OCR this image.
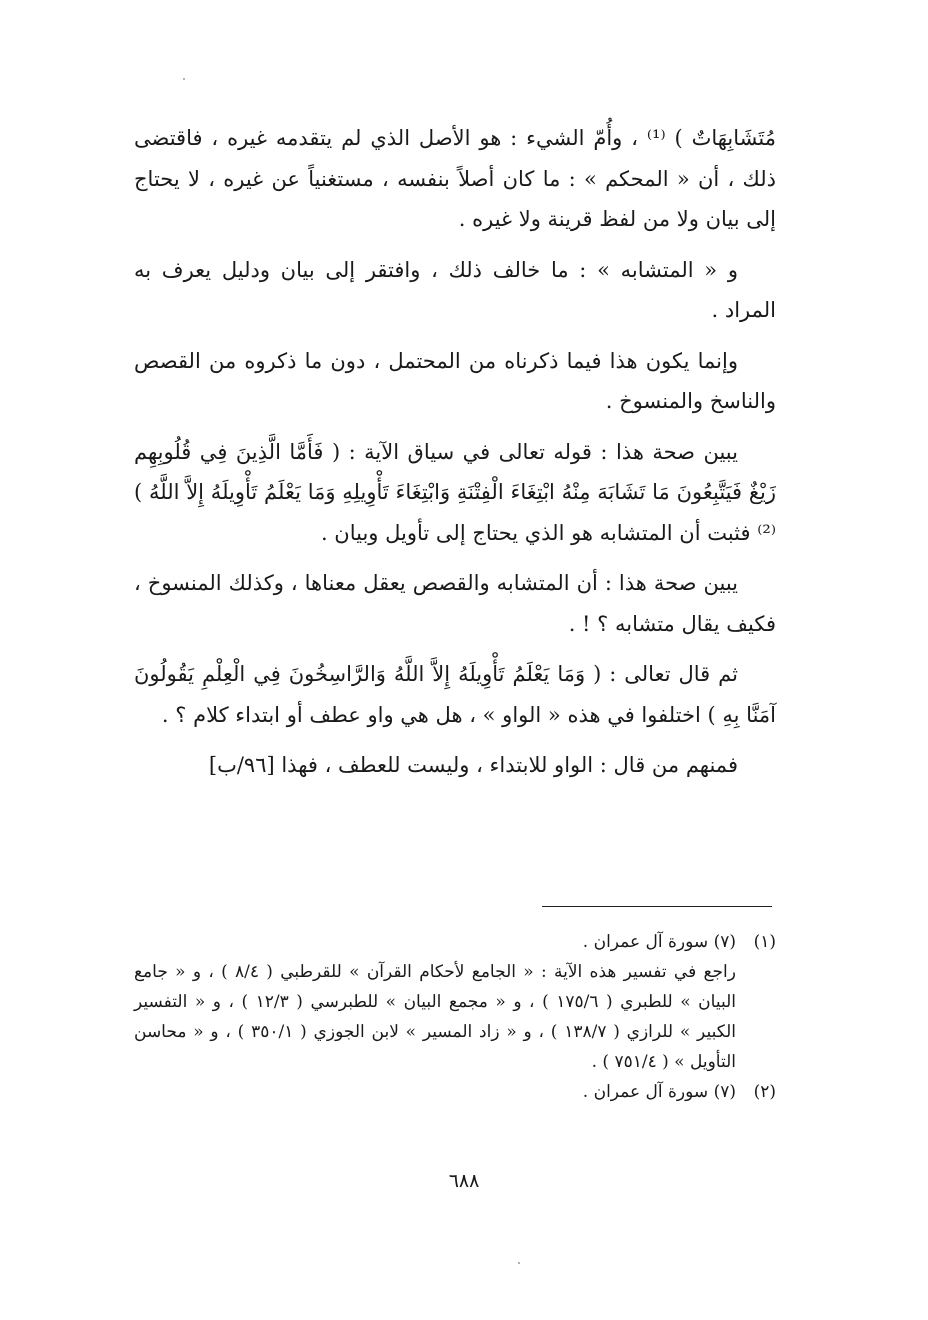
مُتَشَابِهَاتٌ ) ⁽¹⁾ ، وأُمّ الشيء : هو الأصل الذي لم يتقدمه غيره ، فاقتضى ذلك ، أن « المحكم » : ما كان أصلاً بنفسه ، مستغنياً عن غيره ، لا يحتاج إلى بيان ولا من لفظ قرينة ولا غيره .

و « المتشابه » : ما خالف ذلك ، وافتقر إلى بيان ودليل يعرف به المراد .

وإنما يكون هذا فيما ذكرناه من المحتمل ، دون ما ذكروه من القصص والناسخ والمنسوخ .

يبين صحة هذا : قوله تعالى في سياق الآية : ( فَأَمَّا الَّذِينَ فِي قُلُوبِهِم زَيْغٌ فَيَتَّبِعُونَ مَا تَشَابَهَ مِنْهُ ابْتِغَاءَ الْفِتْنَةِ وَابْتِغَاءَ تَأْوِيلِهِ وَمَا يَعْلَمُ تَأْوِيلَهُ إِلاَّ اللَّهُ ) ⁽²⁾ فثبت أن المتشابه هو الذي يحتاج إلى تأويل وبيان .

يبين صحة هذا : أن المتشابه والقصص يعقل معناها ، وكذلك المنسوخ ، فكيف يقال متشابه ؟ ! .

ثم قال تعالى : ( وَمَا يَعْلَمُ تَأْوِيلَهُ إِلاَّ اللَّهُ وَالرَّاسِخُونَ فِي الْعِلْمِ يَقُولُونَ آمَنَّا بِهِ ) اختلفوا في هذه « الواو » ، هل هي واو عطف أو ابتداء كلام ؟ .

فمنهم من قال : الواو للابتداء ، وليست للعطف ، فهذا [٩٦/ب]

(١)
(٧) سورة آل عمران .
راجع في تفسير هذه الآية : « الجامع لأحكام القرآن » للقرطبي ( ٨/٤ ) ، و « جامع البيان » للطبري ( ١٧٥/٦ ) ، و « مجمع البيان » للطبرسي ( ١٢/٣ ) ، و « التفسير الكبير » للرازي ( ١٣٨/٧ ) ، و « زاد المسير » لابن الجوزي ( ٣٥٠/١ ) ، و « محاسن التأويل » ( ٧٥١/٤ ) .
(٢)
(٧) سورة آل عمران .
٦٨٨
